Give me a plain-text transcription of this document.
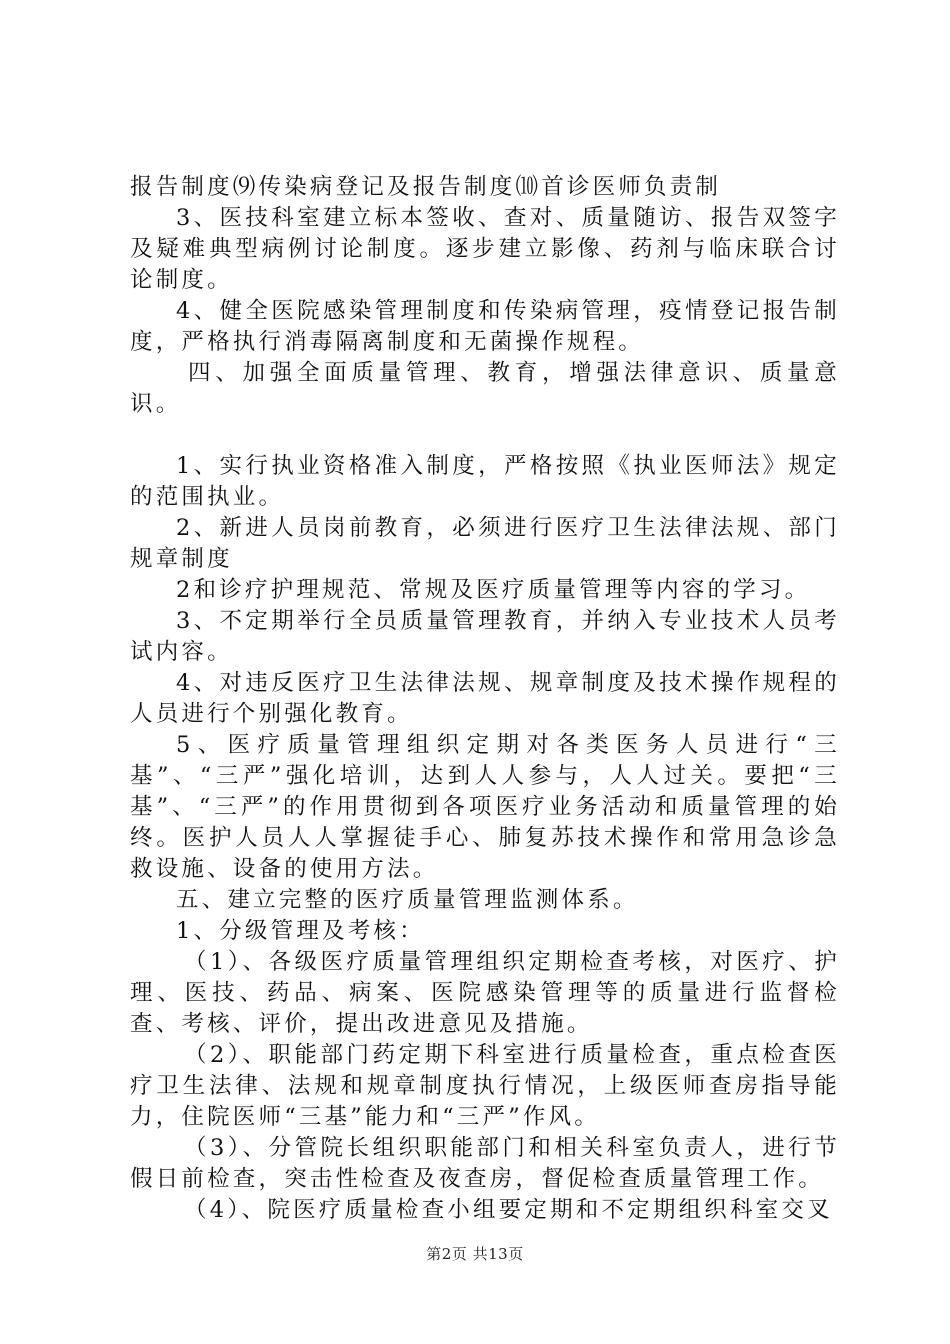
报告制度⑼传染病登记及报告制度⑽首诊医师负责制

3、医技科室建立标本签收、查对、质量随访、报告双签字及疑难典型病例讨论制度。逐步建立影像、药剂与临床联合讨论制度。

4、健全医院感染管理制度和传染病管理，疫情登记报告制度，严格执行消毒隔离制度和无菌操作规程。

四、加强全面质量管理、教育，增强法律意识、质量意识。

1、实行执业资格准入制度，严格按照《执业医师法》规定的范围执业。

2、新进人员岗前教育，必须进行医疗卫生法律法规、部门规章制度

2和诊疗护理规范、常规及医疗质量管理等内容的学习。

3、不定期举行全员质量管理教育，并纳入专业技术人员考试内容。

4、对违反医疗卫生法律法规、规章制度及技术操作规程的人员进行个别强化教育。

5、医疗质量管理组织定期对各类医务人员进行“三基”、“三严”强化培训，达到人人参与，人人过关。要把“三基”、“三严”的作用贯彻到各项医疗业务活动和质量管理的始终。医护人员人人掌握徒手心、肺复苏技术操作和常用急诊急救设施、设备的使用方法。

五、建立完整的医疗质量管理监测体系。

1、分级管理及考核：

（1）、各级医疗质量管理组织定期检查考核，对医疗、护理、医技、药品、病案、医院感染管理等的质量进行监督检查、考核、评价，提出改进意见及措施。

（2）、职能部门药定期下科室进行质量检查，重点检查医疗卫生法律、法规和规章制度执行情况，上级医师查房指导能力，住院医师“三基”能力和“三严”作风。

（3）、分管院长组织职能部门和相关科室负责人，进行节假日前检查，突击性检查及夜查房，督促检查质量管理工作。

（4）、院医疗质量检查小组要定期和不定期组织科室交叉

第2页 共13页
